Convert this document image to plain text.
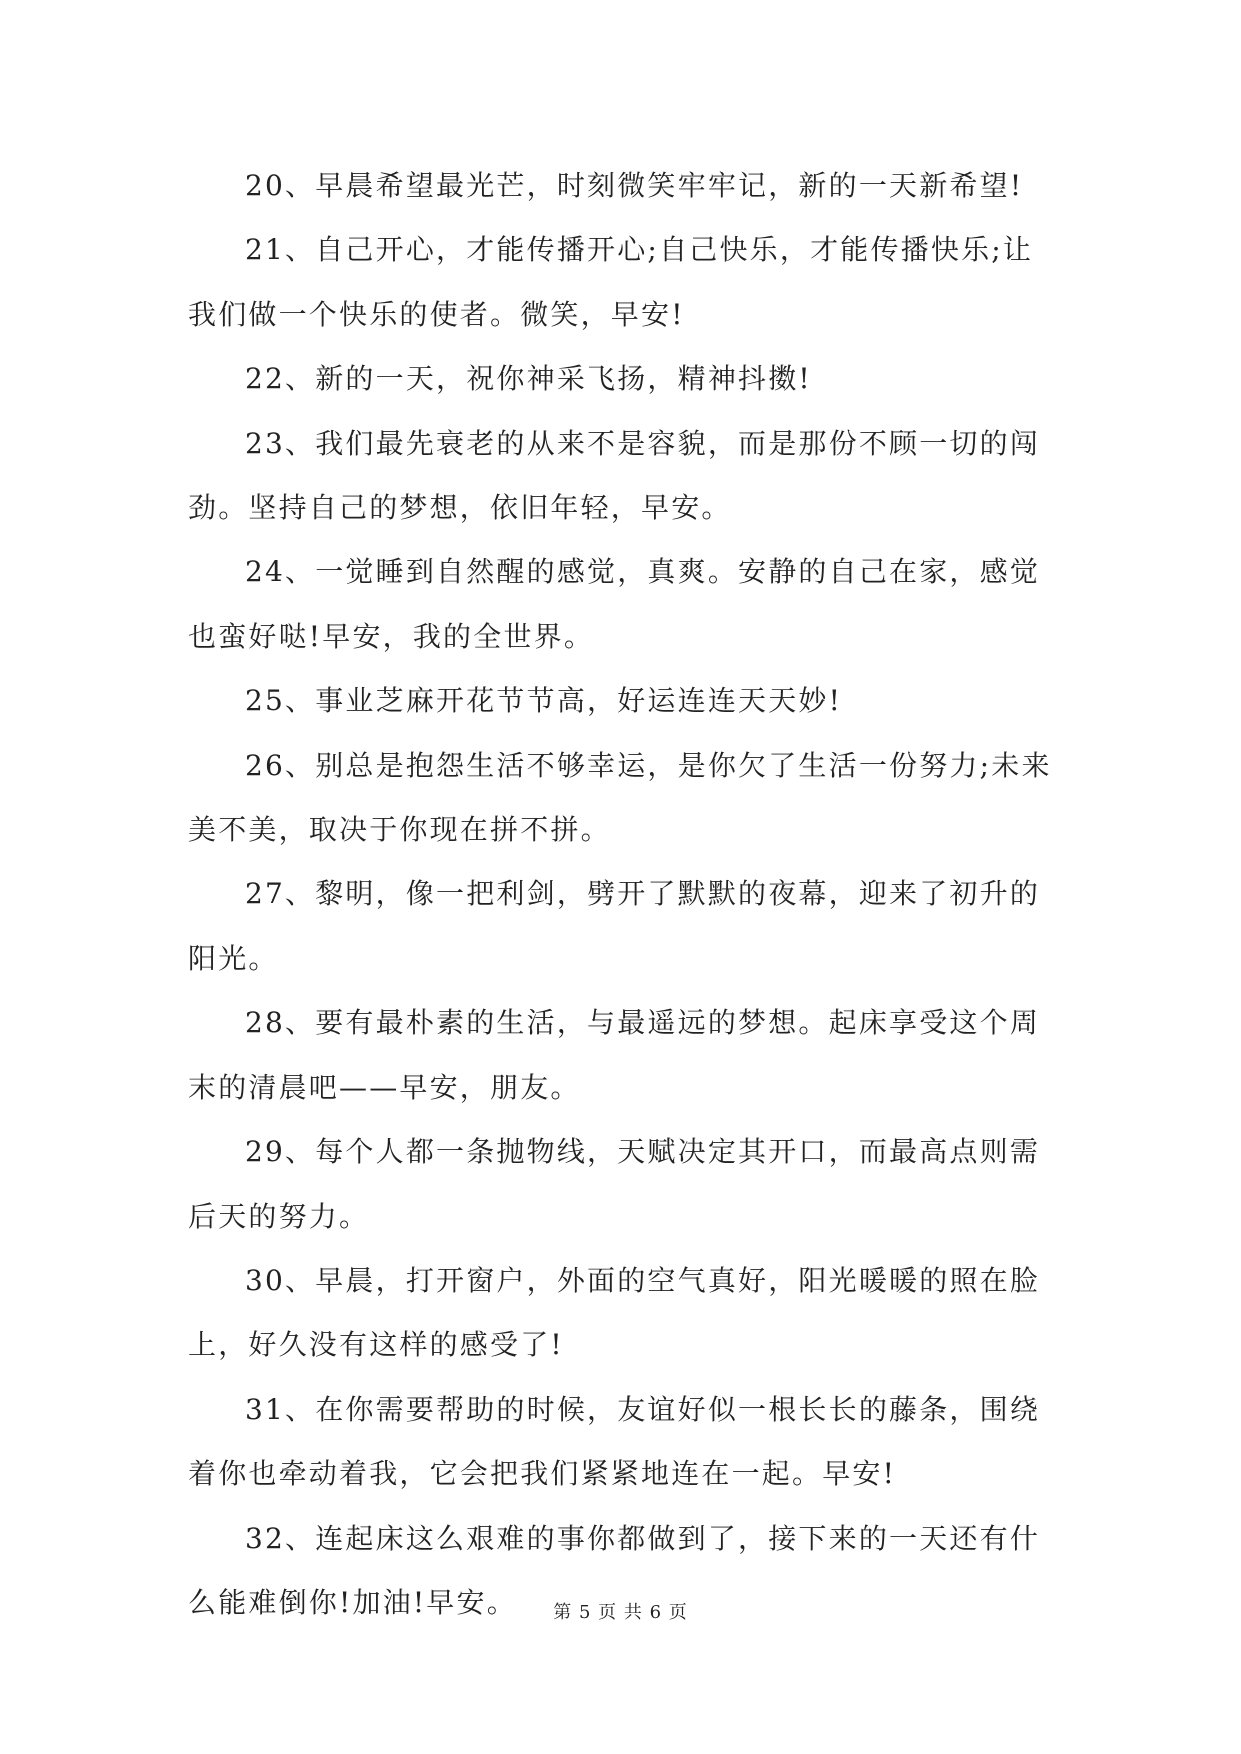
20、早晨希望最光芒，时刻微笑牢牢记，新的一天新希望!

21、自己开心，才能传播开心;自己快乐，才能传播快乐;让我们做一个快乐的使者。微笑，早安!

22、新的一天，祝你神采飞扬，精神抖擞!

23、我们最先衰老的从来不是容貌，而是那份不顾一切的闯劲。坚持自己的梦想，依旧年轻，早安。

24、一觉睡到自然醒的感觉，真爽。安静的自己在家，感觉也蛮好哒!早安，我的全世界。

25、事业芝麻开花节节高，好运连连天天妙!

26、别总是抱怨生活不够幸运，是你欠了生活一份努力;未来美不美，取决于你现在拼不拼。

27、黎明，像一把利剑，劈开了默默的夜幕，迎来了初升的阳光。

28、要有最朴素的生活，与最遥远的梦想。起床享受这个周末的清晨吧——早安，朋友。

29、每个人都一条抛物线，天赋决定其开口，而最高点则需后天的努力。

30、早晨，打开窗户，外面的空气真好，阳光暖暖的照在脸上，好久没有这样的感受了!

31、在你需要帮助的时候，友谊好似一根长长的藤条，围绕着你也牵动着我，它会把我们紧紧地连在一起。早安!

32、连起床这么艰难的事你都做到了，接下来的一天还有什么能难倒你!加油!早安。	第 5 页 共 6 页
